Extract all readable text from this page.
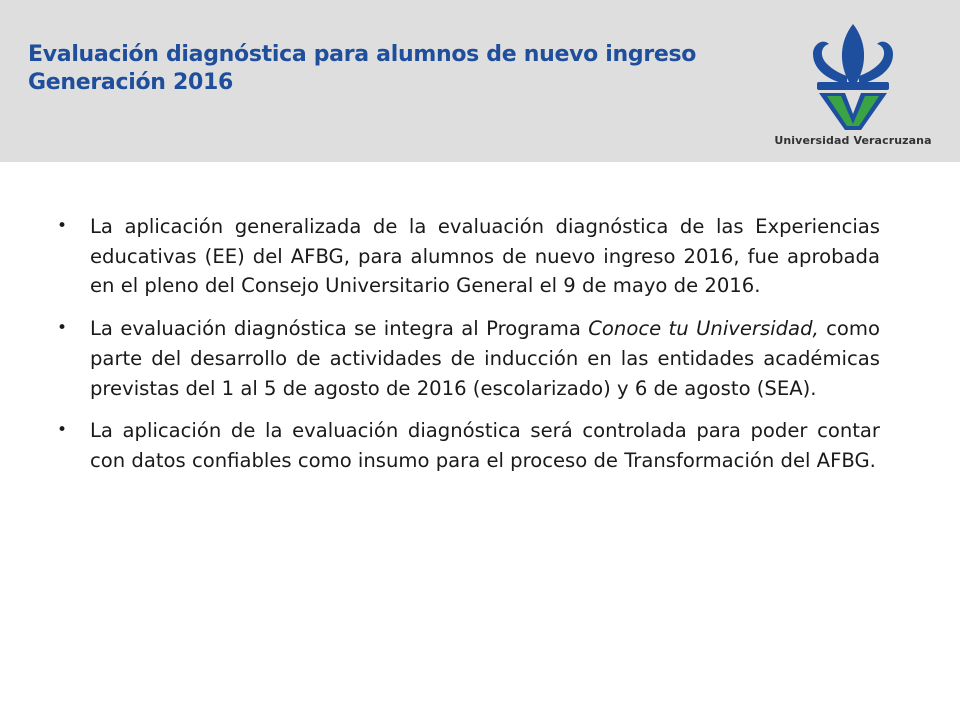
Evaluación diagnóstica para alumnos de nuevo ingreso
Generación 2016
Universidad Veracruzana
• La aplicación generalizada de la evaluación diagnóstica de las Experiencias educativas (EE) del AFBG, para alumnos de nuevo ingreso 2016, fue aprobada en el pleno del Consejo Universitario General el 9 de mayo de 2016.
• La evaluación diagnóstica se integra al Programa Conoce tu Universidad, como parte del desarrollo de actividades de inducción en las entidades académicas previstas del 1 al 5 de agosto de 2016 (escolarizado) y 6 de agosto (SEA).
• La aplicación de la evaluación diagnóstica será controlada para poder contar con datos confiables como insumo para el proceso de Transformación del AFBG.
